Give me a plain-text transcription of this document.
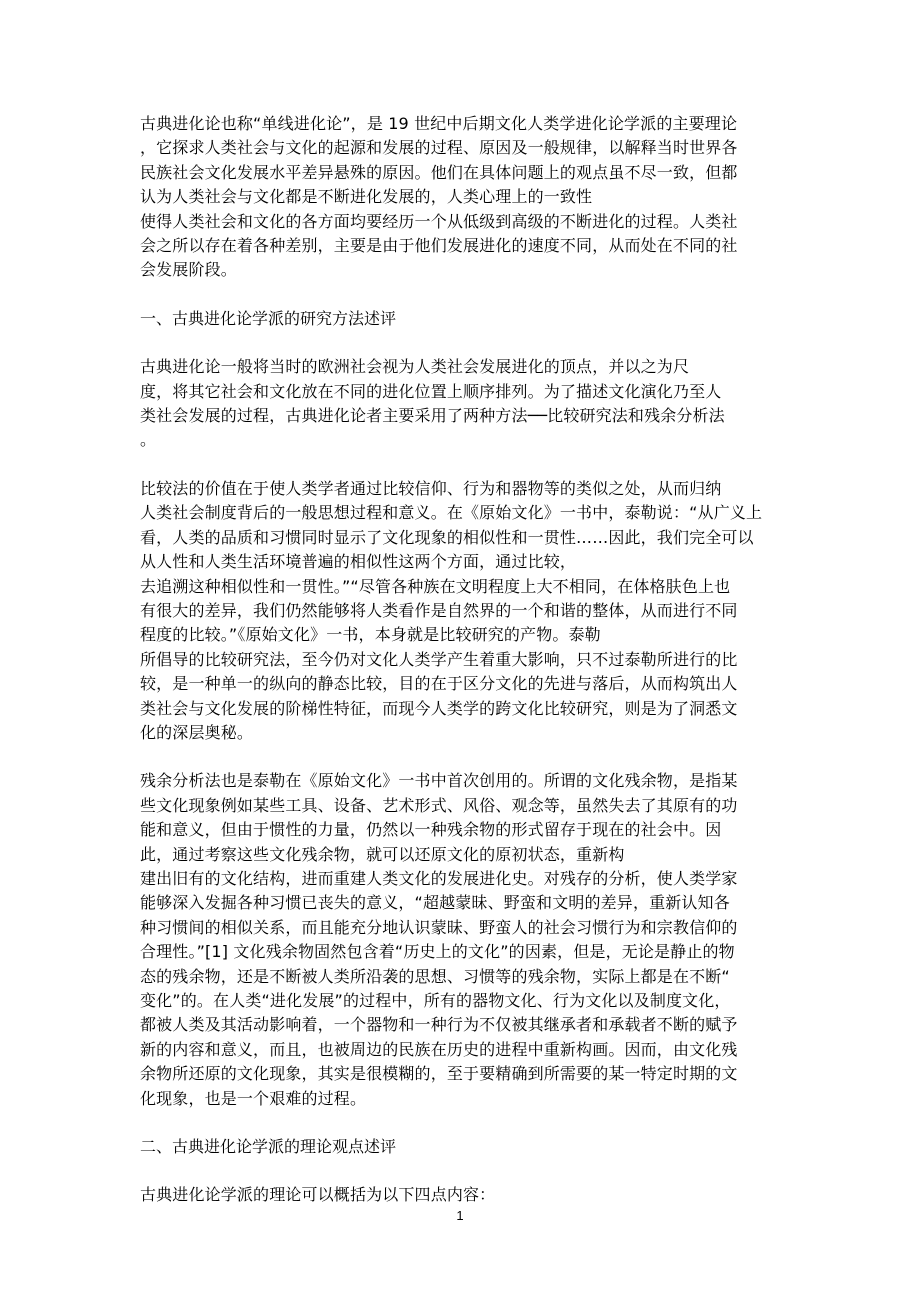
古典进化论也称“单线进化论”，是 19 世纪中后期文化人类学进化论学派的主要理论
，它探求人类社会与文化的起源和发展的过程、原因及一般规律，以解释当时世界各
民族社会文化发展水平差异悬殊的原因。他们在具体问题上的观点虽不尽一致，但都
认为人类社会与文化都是不断进化发展的，人类心理上的一致性
使得人类社会和文化的各方面均要经历一个从低级到高级的不断进化的过程。人类社
会之所以存在着各种差别，主要是由于他们发展进化的速度不同，从而处在不同的社
会发展阶段。

一、古典进化论学派的研究方法述评

古典进化论一般将当时的欧洲社会视为人类社会发展进化的顶点，并以之为尺
度，将其它社会和文化放在不同的进化位置上顺序排列。为了描述文化演化乃至人
类社会发展的过程，古典进化论者主要采用了两种方法──比较研究法和残余分析法
。

比较法的价值在于使人类学者通过比较信仰、行为和器物等的类似之处，从而归纳
人类社会制度背后的一般思想过程和意义。在《原始文化》一书中，泰勒说：“从广义上
看，人类的品质和习惯同时显示了文化现象的相似性和一贯性……因此，我们完全可以
从人性和人类生活环境普遍的相似性这两个方面，通过比较，
去追溯这种相似性和一贯性。”“尽管各种族在文明程度上大不相同，在体格肤色上也
有很大的差异，我们仍然能够将人类看作是自然界的一个和谐的整体，从而进行不同
程度的比较。”《原始文化》一书，本身就是比较研究的产物。泰勒
所倡导的比较研究法，至今仍对文化人类学产生着重大影响，只不过泰勒所进行的比
较，是一种单一的纵向的静态比较，目的在于区分文化的先进与落后，从而构筑出人
类社会与文化发展的阶梯性特征，而现今人类学的跨文化比较研究，则是为了洞悉文
化的深层奥秘。

残余分析法也是泰勒在《原始文化》一书中首次创用的。所谓的文化残余物，是指某
些文化现象例如某些工具、设备、艺术形式、风俗、观念等，虽然失去了其原有的功
能和意义，但由于惯性的力量，仍然以一种残余物的形式留存于现在的社会中。因
此，通过考察这些文化残余物，就可以还原文化的原初状态，重新构
建出旧有的文化结构，进而重建人类文化的发展进化史。对残存的分析，使人类学家
能够深入发掘各种习惯已丧失的意义，“超越蒙昧、野蛮和文明的差异，重新认知各
种习惯间的相似关系，而且能充分地认识蒙昧、野蛮人的社会习惯行为和宗教信仰的
合理性。”[1] 文化残余物固然包含着“历史上的文化”的因素，但是，无论是静止的物
态的残余物，还是不断被人类所沿袭的思想、习惯等的残余物，实际上都是在不断“
变化”的。在人类“进化发展”的过程中，所有的器物文化、行为文化以及制度文化，
都被人类及其活动影响着，一个器物和一种行为不仅被其继承者和承载者不断的赋予
新的内容和意义，而且，也被周边的民族在历史的进程中重新构画。因而，由文化残
余物所还原的文化现象，其实是很模糊的，至于要精确到所需要的某一特定时期的文
化现象，也是一个艰难的过程。

二、古典进化论学派的理论观点述评

古典进化论学派的理论可以概括为以下四点内容：

1
